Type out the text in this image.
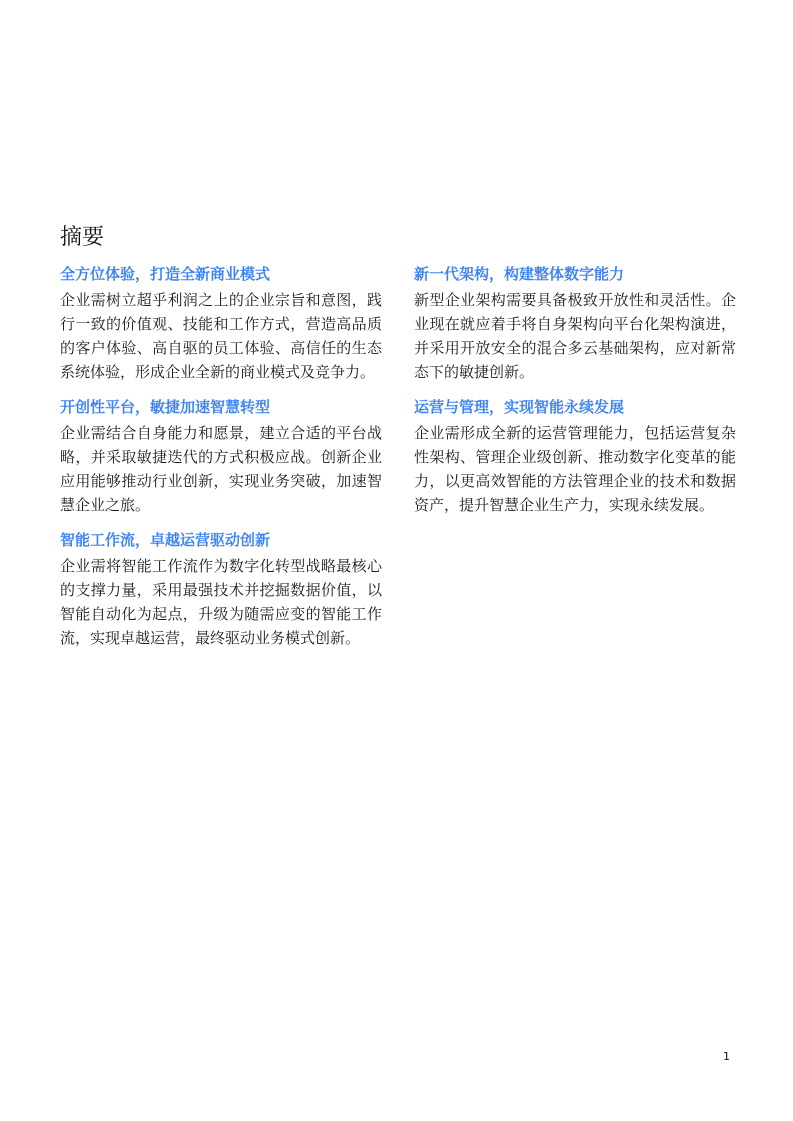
摘要
全方位体验，打造全新商业模式

企业需树立超乎利润之上的企业宗旨和意图，践行一致的价值观、技能和工作方式，营造高品质的客户体验、高自驱的员工体验、高信任的生态系统体验，形成企业全新的商业模式及竞争力。

开创性平台，敏捷加速智慧转型

企业需结合自身能力和愿景，建立合适的平台战略，并采取敏捷迭代的方式积极应战。创新企业应用能够推动行业创新，实现业务突破，加速智慧企业之旅。

智能工作流，卓越运营驱动创新

企业需将智能工作流作为数字化转型战略最核心的支撑力量，采用最强技术并挖掘数据价值，以智能自动化为起点，升级为随需应变的智能工作流，实现卓越运营，最终驱动业务模式创新。

新一代架构，构建整体数字能力

新型企业架构需要具备极致开放性和灵活性。企业现在就应着手将自身架构向平台化架构演进，并采用开放安全的混合多云基础架构，应对新常态下的敏捷创新。

运营与管理，实现智能永续发展

企业需形成全新的运营管理能力，包括运营复杂性架构、管理企业级创新、推动数字化变革的能力，以更高效智能的方法管理企业的技术和数据资产，提升智慧企业生产力，实现永续发展。

1
